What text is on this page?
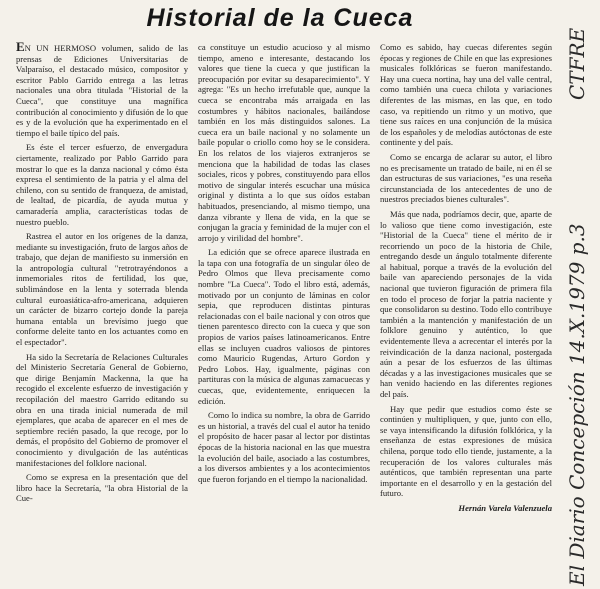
Historial de la Cueca

EN UN HERMOSO volumen, salido de las prensas de Ediciones Universitarias de Valparaíso, el destacado músico, compositor y escritor Pablo Garrido entrega a las letras nacionales una obra titulada "Historial de la Cueca", que constituye una magnífica contribución al conocimiento y difusión de lo que es y de la evolución que ha experimentado en el tiempo el baile típico del país.

Es éste el tercer esfuerzo, de envergadura ciertamente, realizado por Pablo Garrido para mostrar lo que es la danza nacional y cómo ésta expresa el sentimiento de la patria y el alma del chileno, con su sentido de franqueza, de amistad, de lealtad, de picardía, de ayuda mutua y camaradería amplia, características todas de nuestro pueblo.

Rastrea el autor en los orígenes de la danza, mediante su investigación, fruto de largos años de trabajo, que dejan de manifiesto su inmersión en la antropología cultural "retrotrayéndonos a inmemoriales ritos de fertilidad, los que, sublimándose en la lenta y soterrada blenda cultural euroasiática-afro-americana, adquieren un carácter de bizarro cortejo donde la pareja humana entabla un brevísimo juego que conforme deleite tanto en los actuantes como en el espectador".

Ha sido la Secretaría de Relaciones Culturales del Ministerio Secretaría General de Gobierno, que dirige Benjamín Mackenna, la que ha recogido el excelente esfuerzo de investigación y recopilación del maestro Garrido editando su obra en una tirada inicial numerada de mil ejemplares, que acaba de aparecer en el mes de septiembre recién pasado, la que recoge, por lo demás, el propósito del Gobierno de promover el conocimiento y divulgación de las auténticas manifestaciones del folklore nacional.

Como se expresa en la presentación que del libro hace la Secretaría, "la obra Historial de la Cue-

ca constituye un estudio acucioso y al mismo tiempo, ameno e interesante, destacando los valores que tiene la cueca y que justifican la preocupación por evitar su desaparecimiento". Y agrega: "Es un hecho irrefutable que, aunque la cueca se encontraba más arraigada en las costumbres y hábitos nacionales, bailándose también en los más distinguidos salones. La cueca era un baile nacional y no solamente un baile popular o criollo como hoy se le considera. En los relatos de los viajeros extranjeros se menciona que la habilidad de todas las clases sociales, ricos y pobres, constituyendo para ellos motivo de singular interés escuchar una música original y distinta a lo que sus oídos estaban habituados, presenciando, al mismo tiempo, una danza vibrante y llena de vida, en la que se conjugan la gracia y feminidad de la mujer con el arrojo y virilidad del hombre".

La edición que se ofrece aparece ilustrada en la tapa con una fotografía de un singular óleo de Pedro Olmos que lleva precisamente como nombre "La Cueca". Todo el libro está, además, motivado por un conjunto de láminas en color sepia, que reproducen distintas pinturas relacionadas con el baile nacional y con otros que tienen parentesco directo con la cueca y que son propios de varios países latinoamericanos. Entre ellas se incluyen cuadros valiosos de pintores como Mauricio Rugendas, Arturo Gordon y Pedro Lobos. Hay, igualmente, páginas con partituras con la música de algunas zamacuecas y cuecas, que, evidentemente, enriquecen la edición.

Como lo indica su nombre, la obra de Garrido es un historial, a través del cual el autor ha tenido el propósito de hacer pasar al lector por distintas épocas de la historia nacional en las que muestra la evolución del baile, asociado a las costumbres, a los diversos ambientes y a los acontecimientos que fueron forjando en el tiempo la nacionalidad.

Como es sabido, hay cuecas diferentes según épocas y regiones de Chile en que las expresiones musicales folklóricas se fueron manifestando. Hay una cueca nortina, hay una del valle central, como también una cueca chilota y variaciones diferentes de las mismas, en las que, en todo caso, va repitiendo un ritmo y un motivo, que tiene sus raíces en una conjunción de la música de los españoles y de melodías autóctonas de este continente y del país.

Como se encarga de aclarar su autor, el libro no es precisamente un tratado de baile, ni en él se dan estructuras de sus variaciones, "es una reseña circunstanciada de los antecedentes de uno de nuestros preciados bienes culturales".

Más que nada, podríamos decir, que, aparte de lo valioso que tiene como investigación, este "Historial de la Cueca" tiene el mérito de ir recorriendo un poco de la historia de Chile, entregando desde un ángulo totalmente diferente al habitual, porque a través de la evolución del baile van apareciendo personajes de la vida nacional que tuvieron figuración de primera fila en todo el proceso de forjar la patria naciente y que consolidaron su destino. Todo ello contribuye también a la mantención y manifestación de un folklore genuino y auténtico, lo que evidentemente lleva a acrecentar el interés por la reivindicación de la danza nacional, postergada aún a pesar de los esfuerzos de las últimas décadas y a las investigaciones musicales que se han venido haciendo en las diferentes regiones del país.

Hay que pedir que estudios como éste se continúen y multipliquen, y que, junto con ello, se vaya intensificando la difusión folklórica, y la enseñanza de estas expresiones de música chilena, porque todo ello tiende, justamente, a la recuperación de los valores culturales más auténticos, que también representan una parte importante en el desarrollo y en la gestación del futuro.

Hernán Varela Valenzuela El Diario Concepción 14.X.1979 p.3
CTFRE
